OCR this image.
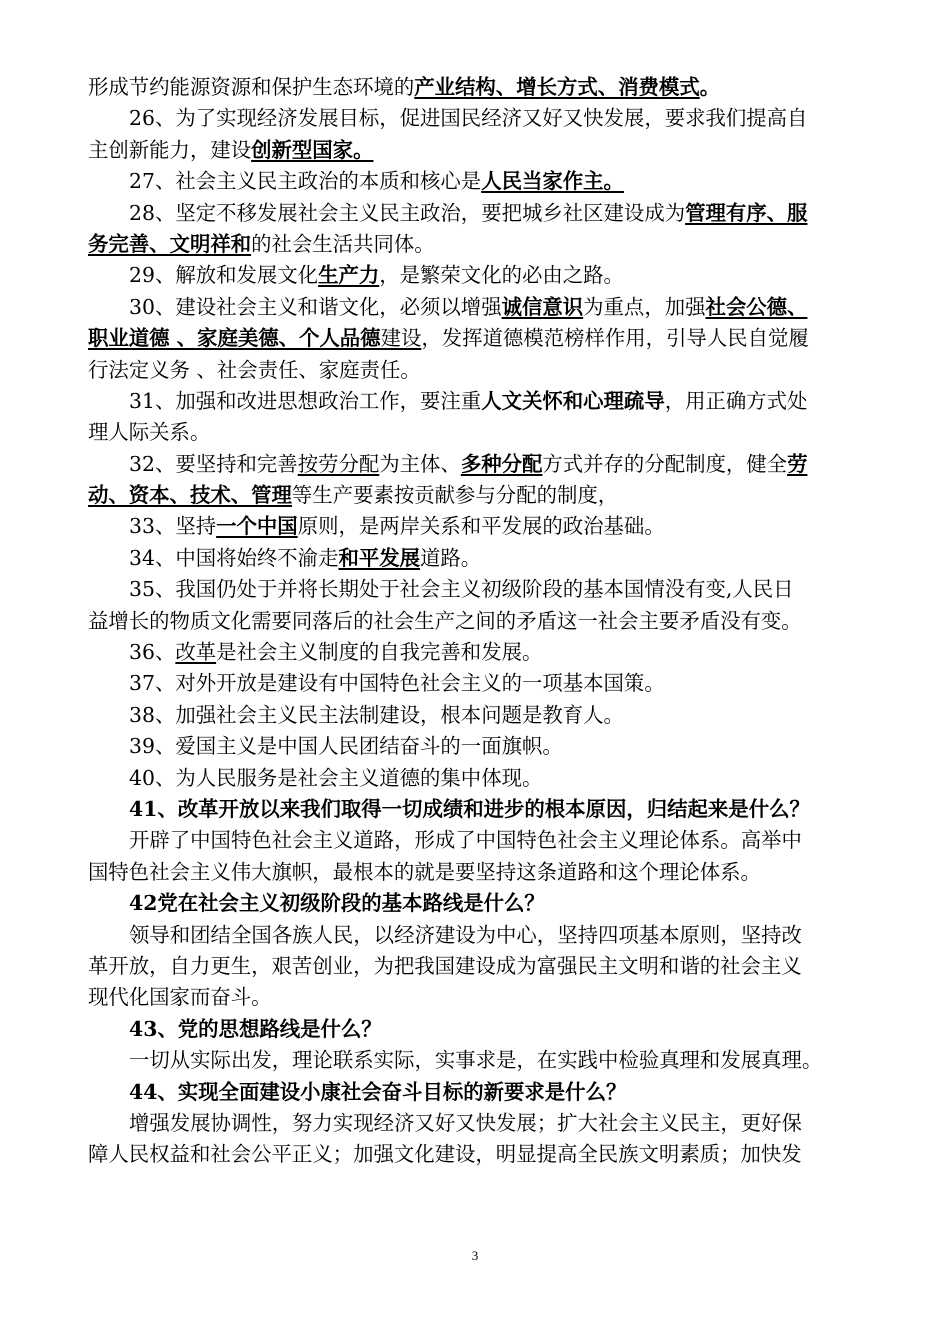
形成节约能源资源和保护生态环境的产业结构、增长方式、消费模式。
26、为了实现经济发展目标，促进国民经济又好又快发展，要求我们提高自
主创新能力，建设创新型国家。
27、社会主义民主政治的本质和核心是人民当家作主。
28、坚定不移发展社会主义民主政治，要把城乡社区建设成为管理有序、服
务完善、文明祥和的社会生活共同体。
29、解放和发展文化生产力，是繁荣文化的必由之路。
30、建设社会主义和谐文化，必须以增强诚信意识为重点，加强社会公德、
职业道德 、家庭美德、个人品德建设，发挥道德模范榜样作用，引导人民自觉履
行法定义务 、社会责任、家庭责任。
31、加强和改进思想政治工作，要注重人文关怀和心理疏导，用正确方式处
理人际关系。
32、要坚持和完善按劳分配为主体、多种分配方式并存的分配制度，健全劳
动、资本、技术、管理等生产要素按贡献参与分配的制度，
33、坚持一个中国原则，是两岸关系和平发展的政治基础。
34、中国将始终不渝走和平发展道路。
35、我国仍处于并将长期处于社会主义初级阶段的基本国情没有变,人民日
益增长的物质文化需要同落后的社会生产之间的矛盾这一社会主要矛盾没有变。
36、改革是社会主义制度的自我完善和发展。
37、对外开放是建设有中国特色社会主义的一项基本国策。
38、加强社会主义民主法制建设，根本问题是教育人。
39、爱国主义是中国人民团结奋斗的一面旗帜。
40、为人民服务是社会主义道德的集中体现。
41、改革开放以来我们取得一切成绩和进步的根本原因，归结起来是什么？
开辟了中国特色社会主义道路，形成了中国特色社会主义理论体系。高举中
国特色社会主义伟大旗帜，最根本的就是要坚持这条道路和这个理论体系。
42党在社会主义初级阶段的基本路线是什么？
领导和团结全国各族人民，以经济建设为中心，坚持四项基本原则，坚持改
革开放，自力更生，艰苦创业，为把我国建设成为富强民主文明和谐的社会主义
现代化国家而奋斗。
43、党的思想路线是什么？
一切从实际出发，理论联系实际，实事求是，在实践中检验真理和发展真理。
44、实现全面建设小康社会奋斗目标的新要求是什么？
增强发展协调性，努力实现经济又好又快发展；扩大社会主义民主，更好保
障人民权益和社会公平正义；加强文化建设，明显提高全民族文明素质；加快发
3
